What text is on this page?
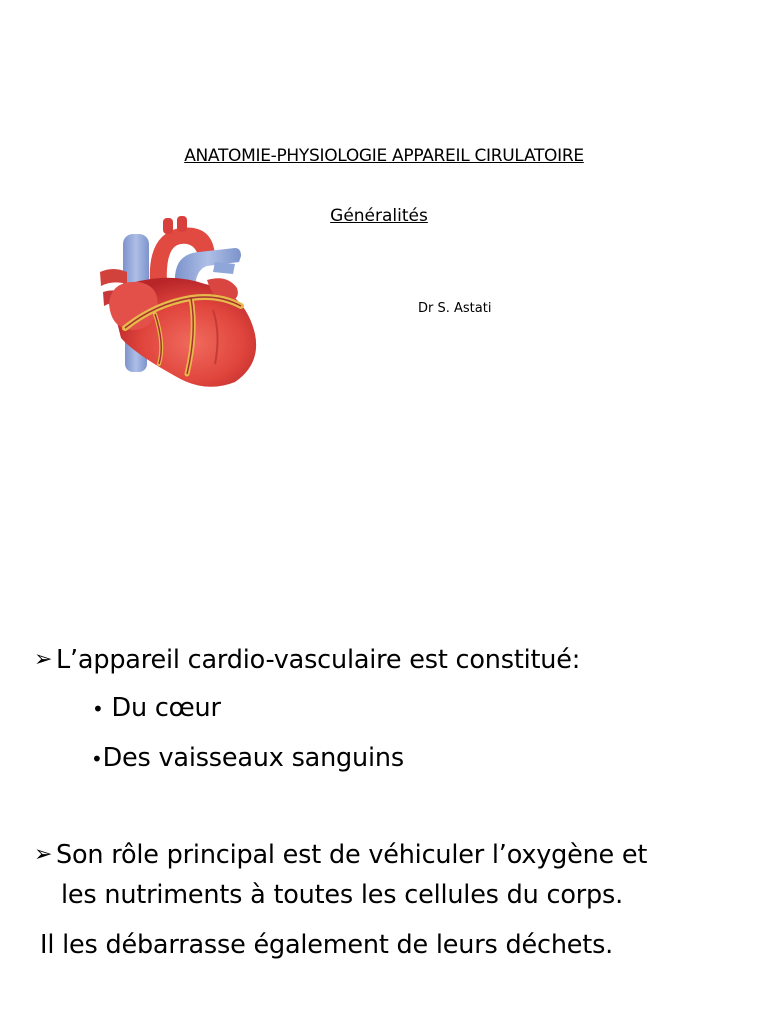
ANATOMIE-PHYSIOLOGIE APPAREIL CIRULATOIRE
Généralités
Dr S. Astati
➢ L’appareil cardio-vasculaire est constitué:
• Du cœur
•Des vaisseaux sanguins
➢ Son rôle principal est de véhiculer l’oxygène et
les nutriments à toutes les cellules du corps.
Il les débarrasse également de leurs déchets.
